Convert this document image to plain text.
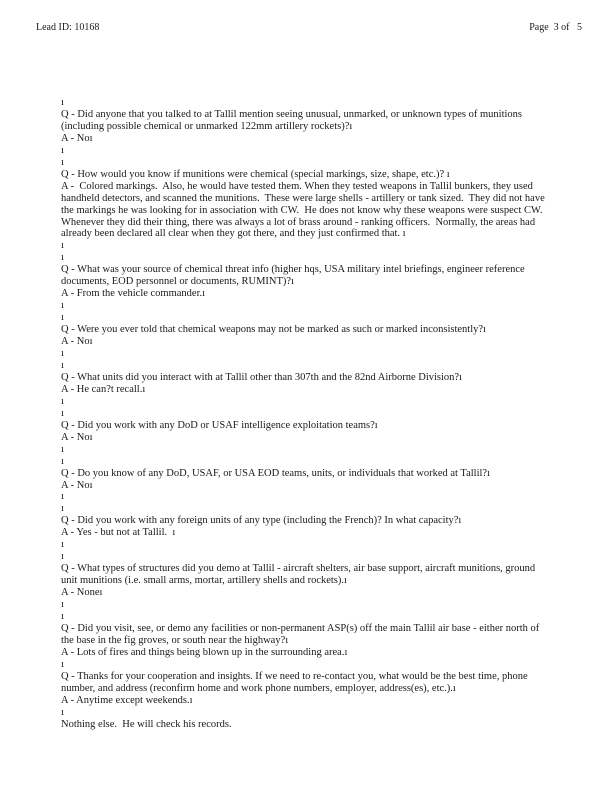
Lead ID: 10168	Page  3 of   5
ı
Q - Did anyone that you talked to at Tallil mention seeing unusual, unmarked, or unknown types of munitions (including possible chemical or unmarked 122mm artillery rockets)?ı
A - Noı
ı
ı
Q - How would you know if munitions were chemical (special markings, size, shape, etc.)? ı
A -  Colored markings.  Also, he would have tested them. When they tested weapons in Tallil bunkers, they used handheld detectors, and scanned the munitions.  These were large shells - artillery or tank sized.  They did not have the markings he was looking for in association with CW.  He does not know why these weapons were suspect CW. Whenever they did their thing, there was always a lot of brass around - ranking officers.  Normally, the areas had already been declared all clear when they got there, and they just confirmed that. ı
ı
ı
Q - What was your source of chemical threat info (higher hqs, USA military intel briefings, engineer reference documents, EOD personnel or documents, RUMINT)?ı
A - From the vehicle commander.ı
ı
ı
Q - Were you ever told that chemical weapons may not be marked as such or marked inconsistently?ı
A - Noı
ı
ı
Q - What units did you interact with at Tallil other than 307th and the 82nd Airborne Division?ı
A - He can?t recall.ı
ı
ı
Q - Did you work with any DoD or USAF intelligence exploitation teams?ı
A - Noı
ı
ı
Q - Do you know of any DoD, USAF, or USA EOD teams, units, or individuals that worked at Tallil?ı
A - Noı
ı
ı
Q - Did you work with any foreign units of any type (including the French)? In what capacity?ı
A - Yes - but not at Tallil.  ı
ı
ı
Q - What types of structures did you demo at Tallil - aircraft shelters, air base support, aircraft munitions, ground unit munitions (i.e. small arms, mortar, artillery shells and rockets).ı
A - Noneı
ı
ı
Q - Did you visit, see, or demo any facilities or non-permanent ASP(s) off the main Tallil air base - either north of the base in the fig groves, or south near the highway?ı
A - Lots of fires and things being blown up in the surrounding area.ı
ı
Q - Thanks for your cooperation and insights. If we need to re-contact you, what would be the best time, phone number, and address (reconfirm home and work phone numbers, employer, address(es), etc.).ı
A - Anytime except weekends.ı
ı
Nothing else.  He will check his records.
